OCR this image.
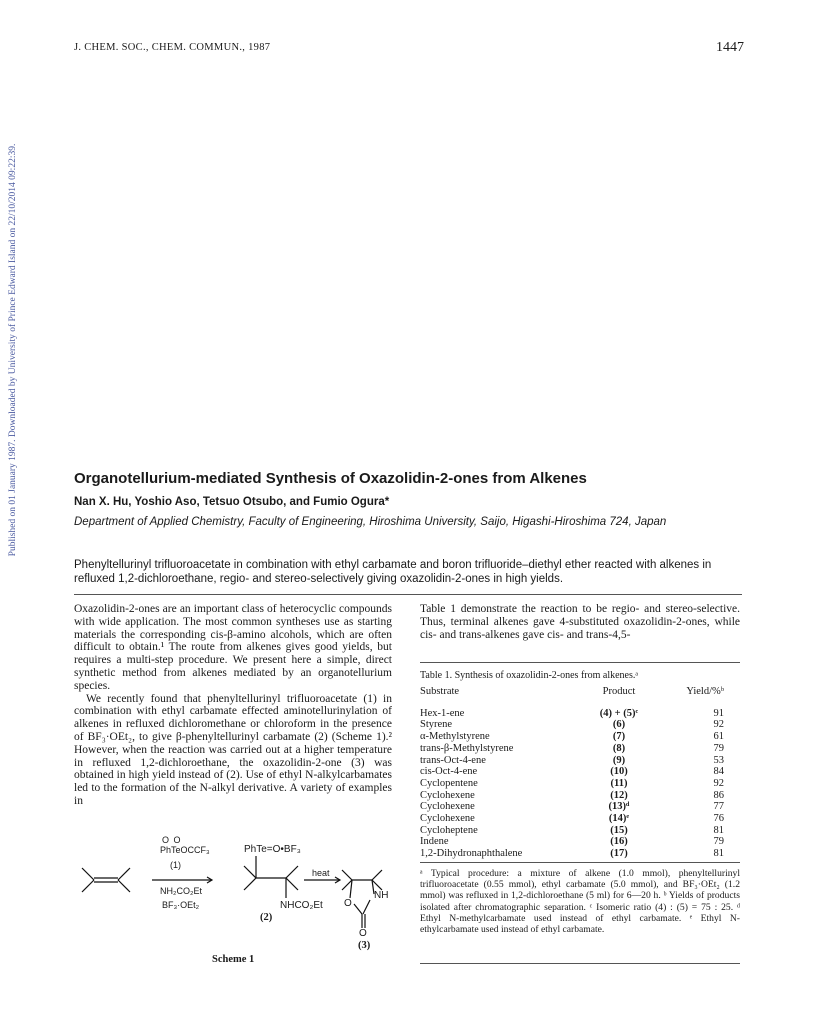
J. CHEM. SOC., CHEM. COMMUN., 1987	1447
Published on 01 January 1987. Downloaded by University of Prince Edward Island on 22/10/2014 09:22:39.	Organotellurium-mediated Synthesis of Oxazolidin-2-ones from Alkenes
Nan X. Hu, Yoshio Aso, Tetsuo Otsubo, and Fumio Ogura*
Department of Applied Chemistry, Faculty of Engineering, Hiroshima University, Saijo, Higashi-Hiroshima 724, Japan
Phenyltellurinyl trifluoroacetate in combination with ethyl carbamate and boron trifluoride–diethyl ether reacted with alkenes in refluxed 1,2-dichloroethane, regio- and stereo-selectively giving oxazolidin-2-ones in high yields.

Oxazolidin-2-ones are an important class of heterocyclic compounds with wide application. The most common syntheses use as starting materials the corresponding cis-β-amino alcohols, which are often difficult to obtain.¹ The route from alkenes gives good yields, but requires a multi-step procedure. We present here a simple, direct synthetic method from alkenes mediated by an organotellurium species.

We recently found that phenyltellurinyl trifluoroacetate (1) in combination with ethyl carbamate effected aminotellurinylation of alkenes in refluxed dichloromethane or chloroform in the presence of BF₃·OEt₂, to give β-phenyltellurinyl carbamate (2) (Scheme 1).² However, when the reaction was carried out at a higher temperature in refluxed 1,2-dichloroethane, the oxazolidin-2-one (3) was obtained in high yield instead of (2). Use of ethyl N-alkylcarbamates led to the formation of the N-alkyl derivative. A variety of examples in

Table 1 demonstrate the reaction to be regio- and stereo-selective. Thus, terminal alkenes gave 4-substituted oxazolidin-2-ones, while cis- and trans-alkenes gave cis- and trans-4,5-
Table 1. Synthesis of oxazolidin-2-ones from alkenes.ᵃ
Substrate	Product	Yield/%ᵇ
Hex-1-ene	(4) + (5)ᶜ	91
Styrene	(6)	92
α-Methylstyrene	(7)	61
trans-β-Methylstyrene	(8)	79
trans-Oct-4-ene	(9)	53
cis-Oct-4-ene	(10)	84
Cyclopentene	(11)	92
Cyclohexene	(12)	86
Cyclohexene	(13)ᵈ	77
Cyclohexene	(14)ᵉ	76
Cycloheptene	(15)	81
Indene	(16)	79
1,2-Dihydronaphthalene	(17)	81
ᵃ Typical procedure: a mixture of alkene (1.0 mmol), phenyltellurinyl trifluoroacetate (0.55 mmol), ethyl carbamate (5.0 mmol), and BF₃·OEt₂ (1.2 mmol) was refluxed in 1,2-dichloroethane (5 ml) for 6—20 h. ᵇ Yields of products isolated after chromatographic separation. ᶜ Isomeric ratio (4) : (5) = 75 : 25. ᵈ Ethyl N-methylcarbamate used instead of ethyl carbamate. ᵉ Ethyl N-ethylcarbamate used instead of ethyl carbamate.
O O
PhTeOCCF₃
(1)
NH₂CO₂Et
BF₃·OEt₂
PhTe=O•BF₃
NHCO₂Et
(2)
heat
O
NH
O
(3)
Scheme 1
